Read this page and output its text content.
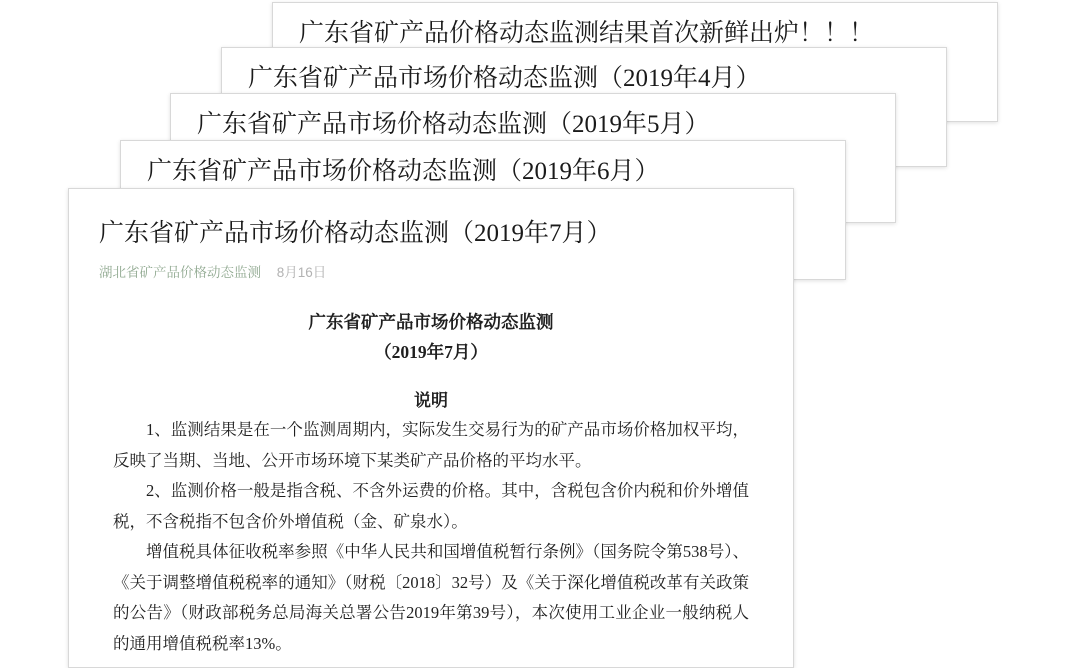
广东省矿产品价格动态监测结果首次新鲜出炉！！！
广东省矿产品市场价格动态监测（2019年4月）
广东省矿产品市场价格动态监测（2019年5月）
广东省矿产品市场价格动态监测（2019年6月）
广东省矿产品市场价格动态监测（2019年7月）
湖北省矿产品价格动态监测 8月16日
广东省矿产品市场价格动态监测
（2019年7月）
说明

1、监测结果是在一个监测周期内，实际发生交易行为的矿产品市场价格加权平均，反映了当期、当地、公开市场环境下某类矿产品价格的平均水平。

2、监测价格一般是指含税、不含外运费的价格。其中，含税包含价内税和价外增值税，不含税指不包含价外增值税（金、矿泉水）。

增值税具体征收税率参照《中华人民共和国增值税暂行条例》（国务院令第538号）、《关于调整增值税税率的通知》（财税〔2018〕32号）及《关于深化增值税改革有关政策的公告》（财政部税务总局海关总署公告2019年第39号），本次使用工业企业一般纳税人的通用增值税税率13%。
